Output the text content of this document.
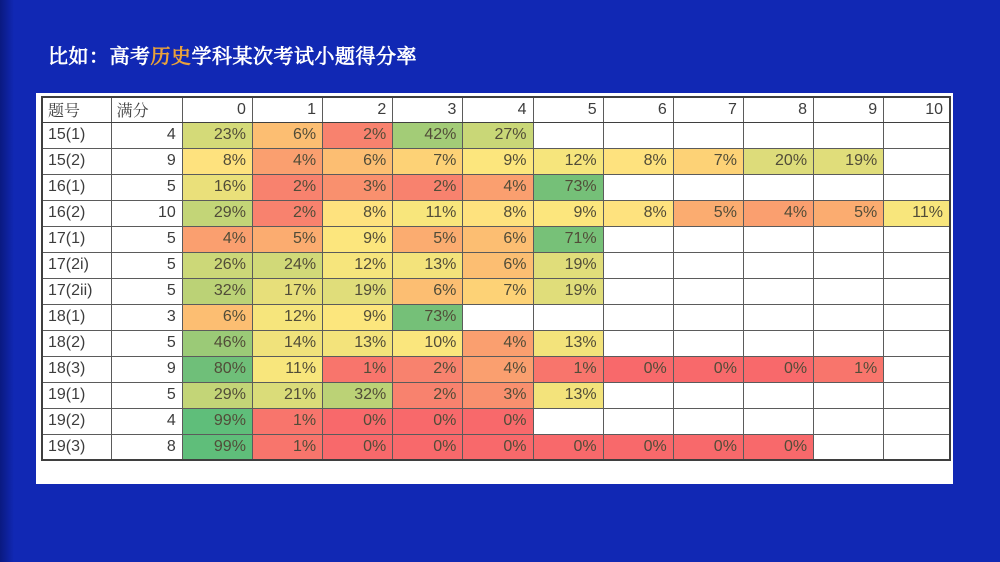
比如：高考历史学科某次考试小题得分率
题号	满分	0	1	2	3	4	5	6	7	8	9	10
15(1)	4	23%	6%	2%	42%	27%						
15(2)	9	8%	4%	6%	7%	9%	12%	8%	7%	20%	19%	
16(1)	5	16%	2%	3%	2%	4%	73%					
16(2)	10	29%	2%	8%	11%	8%	9%	8%	5%	4%	5%	11%
17(1)	5	4%	5%	9%	5%	6%	71%					
17(2i)	5	26%	24%	12%	13%	6%	19%					
17(2ii)	5	32%	17%	19%	6%	7%	19%					
18(1)	3	6%	12%	9%	73%							
18(2)	5	46%	14%	13%	10%	4%	13%					
18(3)	9	80%	11%	1%	2%	4%	1%	0%	0%	0%	1%	
19(1)	5	29%	21%	32%	2%	3%	13%					
19(2)	4	99%	1%	0%	0%	0%						
19(3)	8	99%	1%	0%	0%	0%	0%	0%	0%	0%		
